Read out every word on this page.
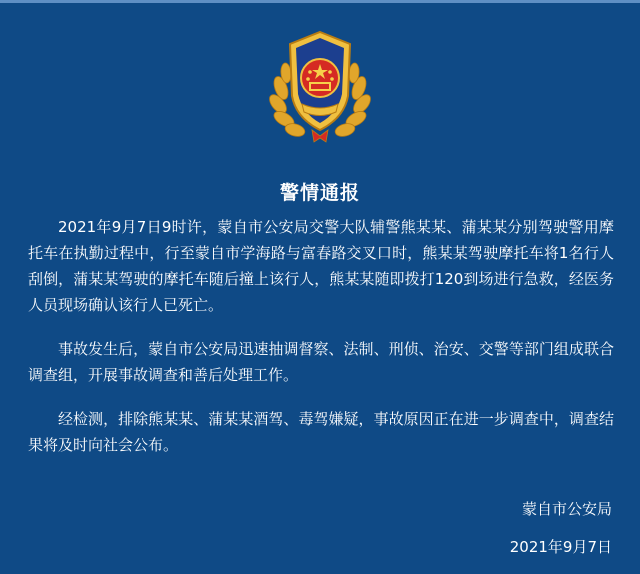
警情通报

2021年9月7日9时许，蒙自市公安局交警大队辅警熊某某、蒲某某分别驾驶警用摩托车在执勤过程中，行至蒙自市学海路与富春路交叉口时，熊某某驾驶摩托车将1名行人刮倒，蒲某某驾驶的摩托车随后撞上该行人，熊某某随即拨打120到场进行急救，经医务人员现场确认该行人已死亡。

事故发生后，蒙自市公安局迅速抽调督察、法制、刑侦、治安、交警等部门组成联合调查组，开展事故调查和善后处理工作。

经检测，排除熊某某、蒲某某酒驾、毒驾嫌疑，事故原因正在进一步调查中，调查结果将及时向社会公布。

蒙自市公安局
2021年9月7日
